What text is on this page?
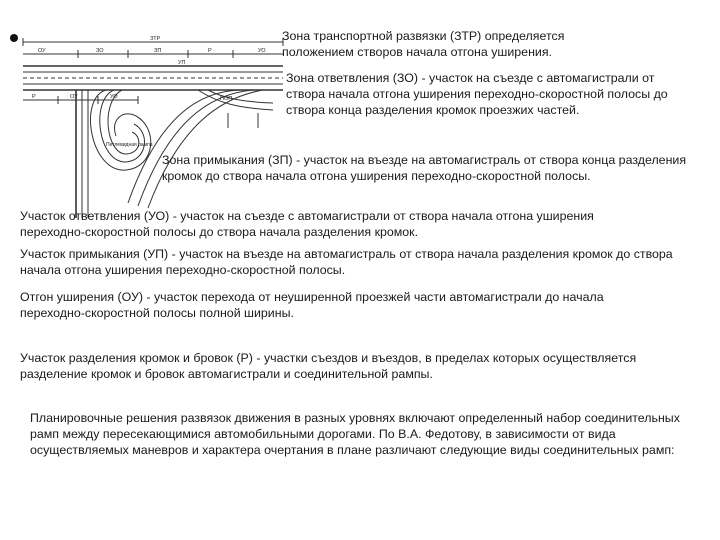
ЗТР
ЗО	ЗП
ОУ	Р	УО
УП
Р	ОУ	УО	ПОП
Петлевидная рампа
Зона транспортной развязки (ЗТР) определяется положением створов начала отгона уширения.
Зона ответвления (ЗО) - участок на съезде с автомагистрали от створа начала отгона уширения переходно-скоростной полосы до створа конца разделения кромок проезжих частей.
Зона примыкания (ЗП) - участок на въезде на автомагистраль от створа конца разделения кромок до створа начала отгона уширения переходно-скоростной полосы.
Участок ответвления (УО) - участок на съезде с автомагистрали от створа начала отгона уширения переходно-скоростной полосы до створа начала разделения кромок.
Участок примыкания (УП) - участок на въезде на автомагистраль от створа начала разделения кромок до створа начала отгона уширения переходно-скоростной полосы.
Отгон уширения (ОУ) - участок перехода от неуширенной проезжей части автомагистрали до начала переходно-скоростной полосы полной ширины.
Участок разделения кромок и бровок (Р) - участки съездов и въездов, в пределах которых осуществляется разделение кромок и бровок автомагистрали и соединительной рампы.
Планировочные решения развязок движения в разных уровнях включают определенный набор соединительных рамп между пересекающимися автомобильными дорогами. По В.А. Федотову, в зависимости от вида осуществляемых маневров и характера очертания в плане различают следующие виды соединительных рамп:
